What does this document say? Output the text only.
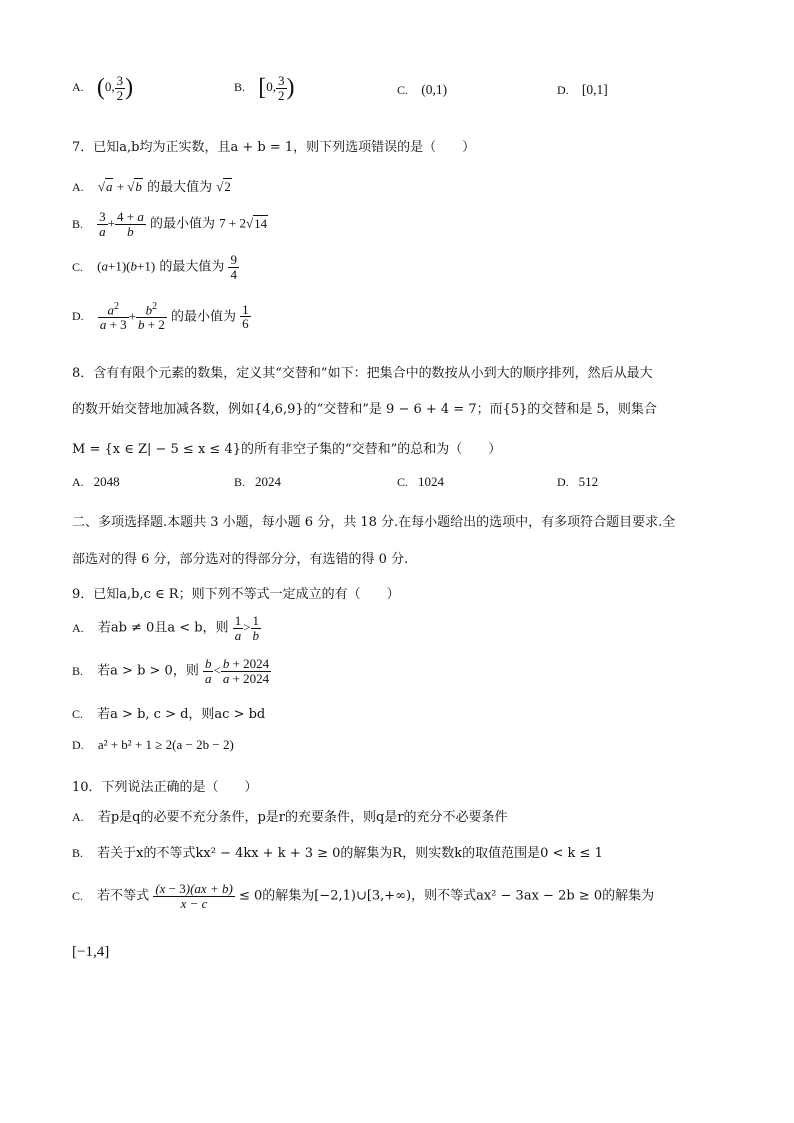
A. (0, $\frac{3}{2}$ )	B. [0, $\frac{3}{2}$ )	C. (0,1)	D. [0,1]
7．已知a,b均为正实数，且a + b = 1，则下列选项错误的是（　　）
A. √a + √b 的最大值为 √2
B. $\frac{3}{a} + \frac{4 + a}{b}$ 的最小值为 7 + 2√14
C. (a+1)(b+1) 的最大值为 $\frac{9}{4}$
D. $\frac{a^2}{a + 3} + \frac{b^2}{b + 2}$ 的最小值为 $\frac{1}{6}$
8．含有有限个元素的数集，定义其“交替和”如下：把集合中的数按从小到大的顺序排列，然后从最大
的数开始交替地加减各数，例如{4,6,9}的“交替和”是 9 − 6 + 4 = 7；而{5}的交替和是 5，则集合
M = {x ∈ Z| − 5 ≤ x ≤ 4}的所有非空子集的“交替和”的总和为（　　）
A. 2048	B. 2024	C. 1024	D. 512
二、多项选择题.本题共 3 小题，每小题 6 分，共 18 分.在每小题给出的选项中，有多项符合题目要求.全
部选对的得 6 分，部分选对的得部分分，有选错的得 0 分.
9．已知a,b,c ∈ R；则下列不等式一定成立的有（　　）
A. 若ab ≠ 0且a < b，则 $\frac{1}{a} > \frac{1}{b}$
B. 若a > b > 0，则 $\frac{b}{a} < \frac{b + 2024}{a + 2024}$
C. 若a > b, c > d，则ac > bd
D. a² + b² + 1 ≥ 2(a − 2b − 2)
10．下列说法正确的是（　　）
A. 若p是q的必要不充分条件，p是r的充要条件，则q是r的充分不必要条件
B. 若关于x的不等式kx² − 4kx + k + 3 ≥ 0的解集为R，则实数k的取值范围是0 < k ≤ 1
C. 若不等式 $\frac{(x - 3)(ax + b)}{x - c} \le 0$的解集为[−2,1)∪[3,+∞)，则不等式ax² − 3ax − 2b ≥ 0的解集为
[−1,4]
